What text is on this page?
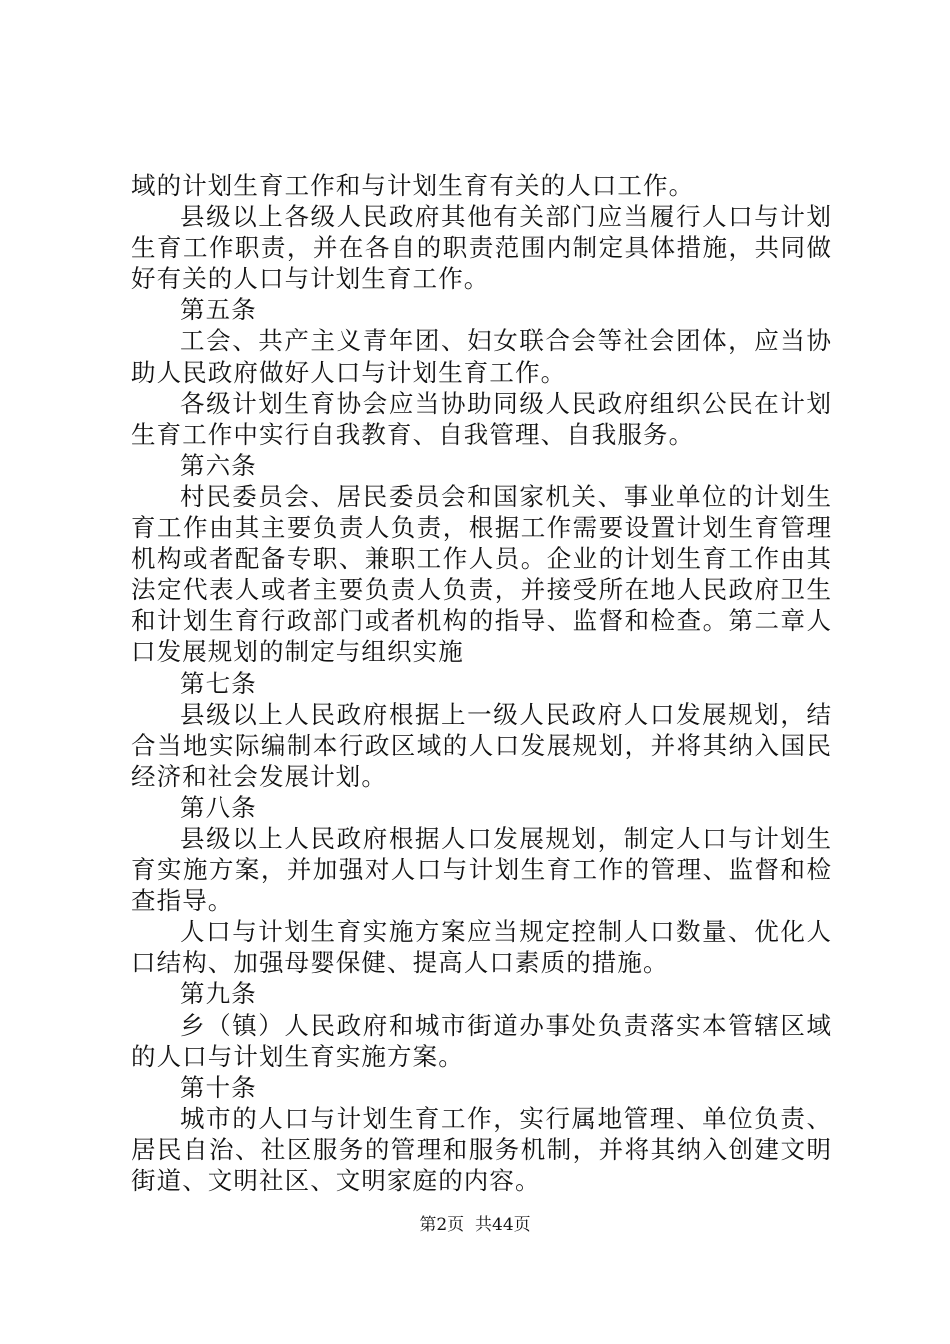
域的计划生育工作和与计划生育有关的人口工作。
县级以上各级人民政府其他有关部门应当履行人口与计划
生育工作职责，并在各自的职责范围内制定具体措施，共同做
好有关的人口与计划生育工作。
第五条
工会、共产主义青年团、妇女联合会等社会团体，应当协
助人民政府做好人口与计划生育工作。
各级计划生育协会应当协助同级人民政府组织公民在计划
生育工作中实行自我教育、自我管理、自我服务。
第六条
村民委员会、居民委员会和国家机关、事业单位的计划生
育工作由其主要负责人负责，根据工作需要设置计划生育管理
机构或者配备专职、兼职工作人员。企业的计划生育工作由其
法定代表人或者主要负责人负责，并接受所在地人民政府卫生
和计划生育行政部门或者机构的指导、监督和检查。第二章人
口发展规划的制定与组织实施
第七条
县级以上人民政府根据上一级人民政府人口发展规划，结
合当地实际编制本行政区域的人口发展规划，并将其纳入国民
经济和社会发展计划。
第八条
县级以上人民政府根据人口发展规划，制定人口与计划生
育实施方案，并加强对人口与计划生育工作的管理、监督和检
查指导。
人口与计划生育实施方案应当规定控制人口数量、优化人
口结构、加强母婴保健、提高人口素质的措施。
第九条
乡（镇）人民政府和城市街道办事处负责落实本管辖区域
的人口与计划生育实施方案。
第十条
城市的人口与计划生育工作，实行属地管理、单位负责、
居民自治、社区服务的管理和服务机制，并将其纳入创建文明
街道、文明社区、文明家庭的内容。
第2页 共44页
